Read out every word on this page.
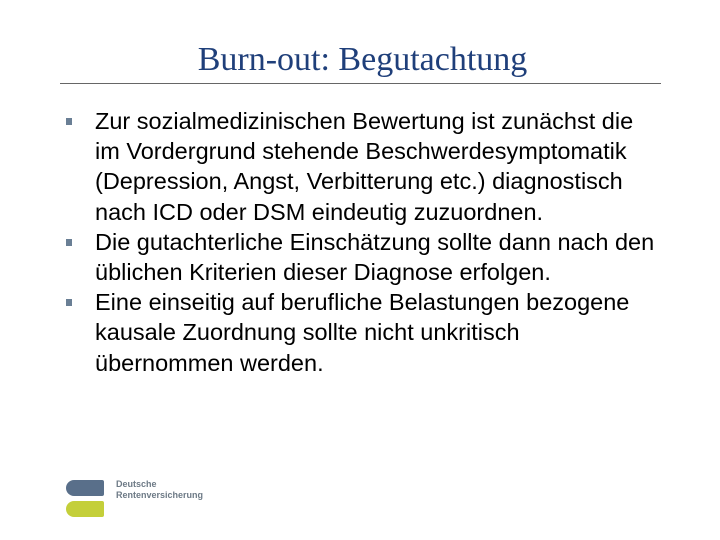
Burn-out: Begutachtung
Zur sozialmedizinischen Bewertung ist zunächst die im Vordergrund stehende Beschwerdesymptomatik (Depression, Angst, Verbitterung etc.) diagnostisch nach ICD oder DSM eindeutig zuzuordnen.
Die gutachterliche Einschätzung sollte dann nach den üblichen Kriterien dieser Diagnose erfolgen.
Eine einseitig auf berufliche Belastungen bezogene kausale Zuordnung sollte nicht unkritisch übernommen werden.
Deutsche
Rentenversicherung
